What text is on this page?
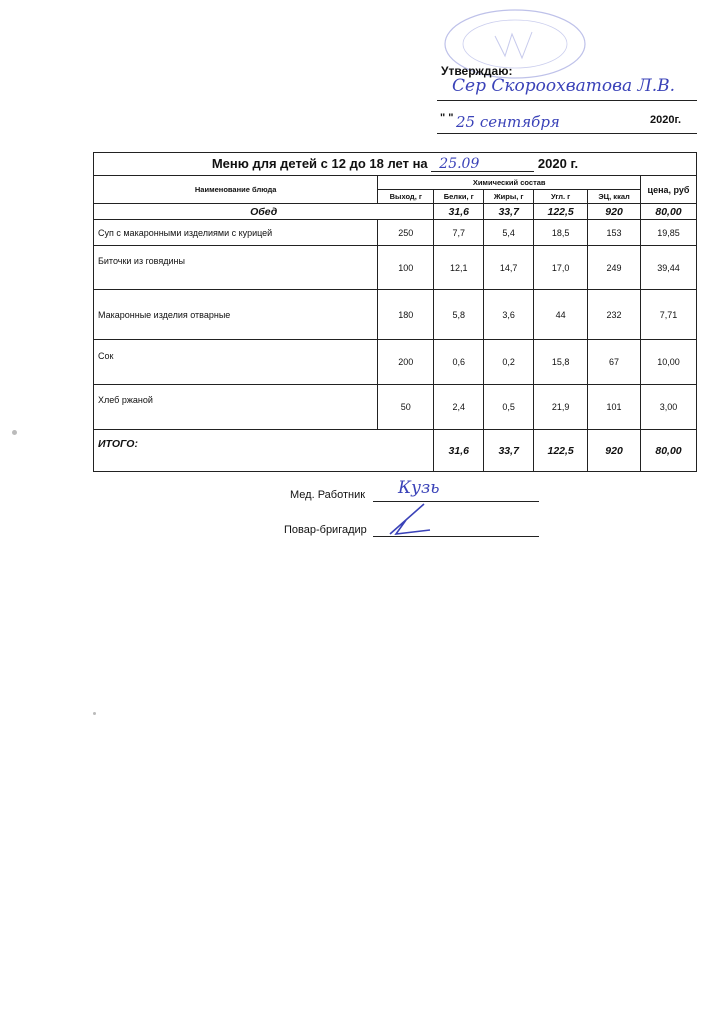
Утверждаю:
Сер Скороохватова Л.В.
" " 25 сентября	2020г.
Меню для детей с 12 до 18 лет на 25.09 2020 г.						
Наименование блюда	Химический состав					цена, руб
	Выход, г	Белки, г	Жиры, г	Угл. г	ЭЦ, ккал	
Обед		31,6	33,7	122,5	920	80,00
Суп с макаронными изделиями с курицей	250	7,7	5,4	18,5	153	19,85
Биточки из говядины	100	12,1	14,7	17,0	249	39,44
Макаронные изделия отварные	180	5,8	3,6	44	232	7,71
Сок	200	0,6	0,2	15,8	67	10,00
Хлеб ржаной	50	2,4	0,5	21,9	101	3,00
ИТОГО:		31,6	33,7	122,5	920	80,00
Мед. Работник Кузь
Повар-бригадир
